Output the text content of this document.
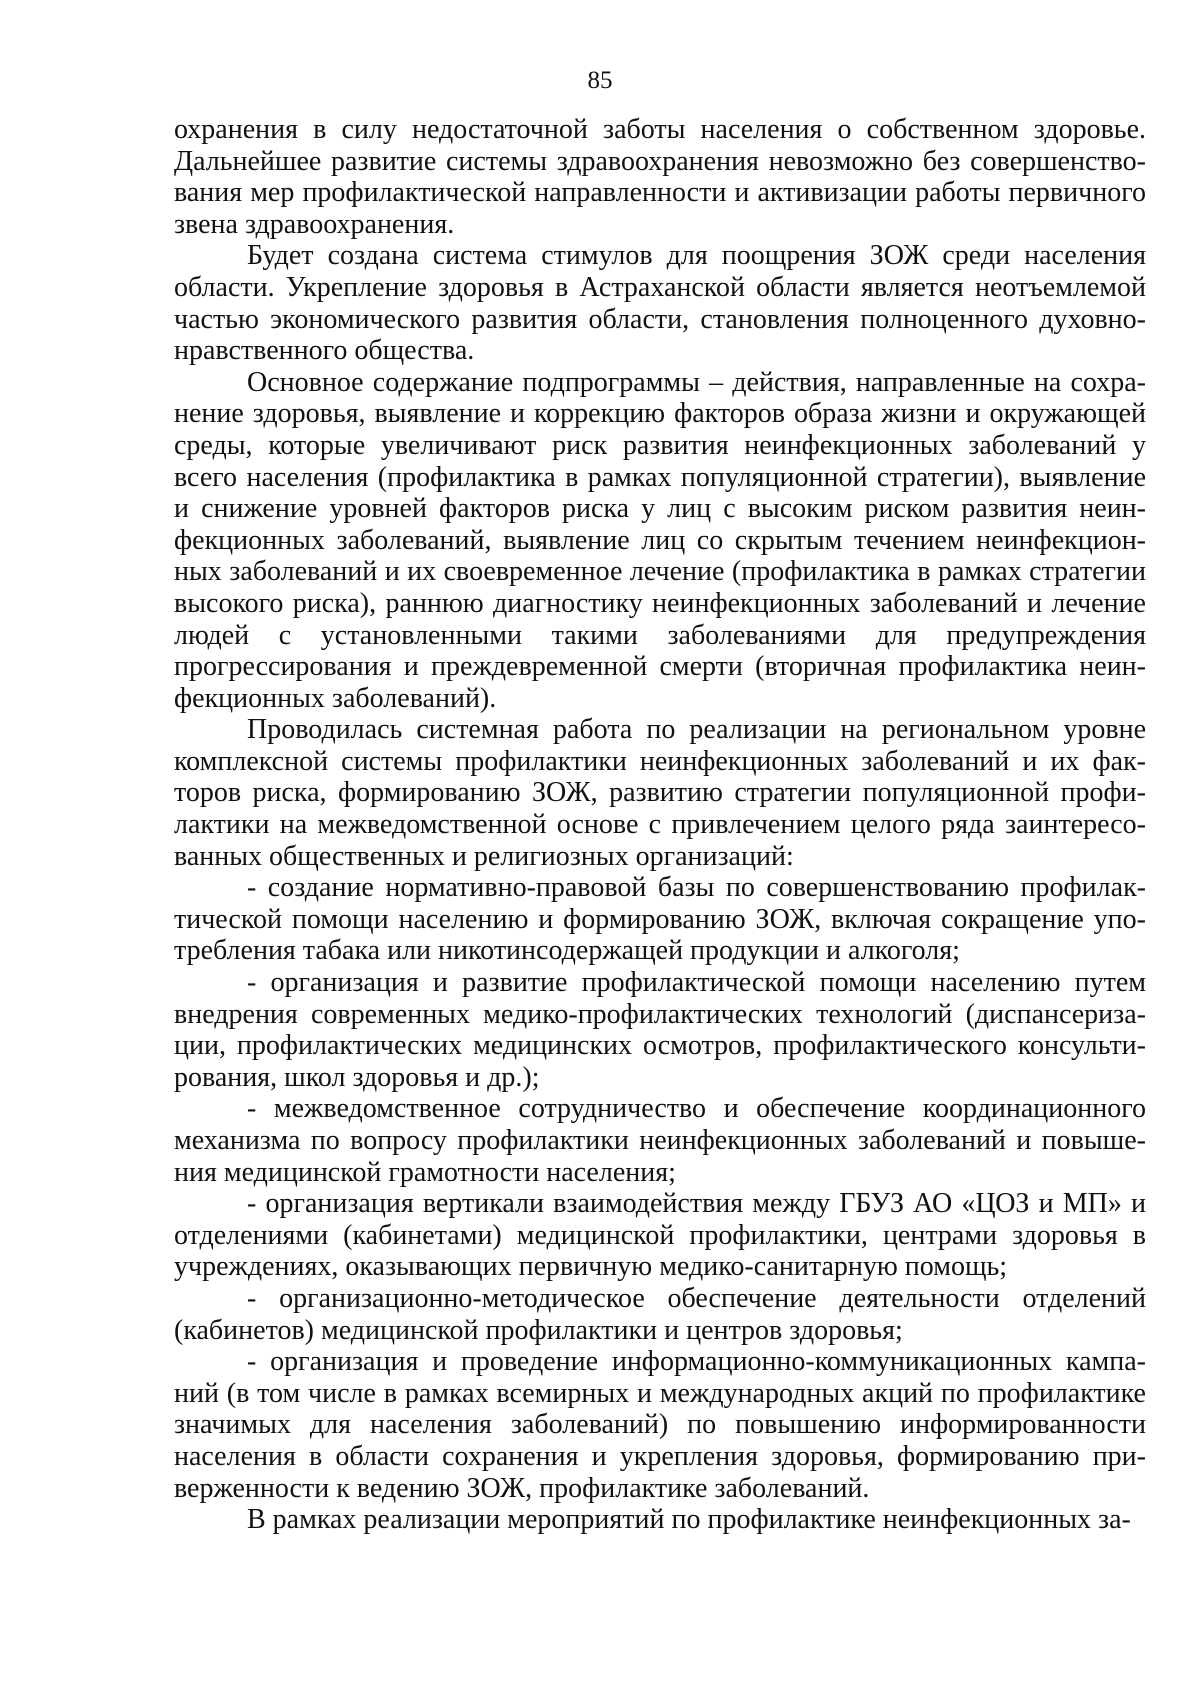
85

охранения в силу недостаточной заботы населения о собственном здоровье. Дальнейшее развитие системы здравоохранения невозможно без совершенствования мер профилактической направленности и активизации работы первичного звена здравоохранения.

Будет создана система стимулов для поощрения ЗОЖ среди населения области. Укрепление здоровья в Астраханской области является неотъемлемой частью экономического развития области, становления полноценного духовно-нравственного общества.

Основное содержание подпрограммы – действия, направленные на сохранение здоровья, выявление и коррекцию факторов образа жизни и окружающей среды, которые увеличивают риск развития неинфекционных заболеваний у всего населения (профилактика в рамках популяционной стратегии), выявление и снижение уровней факторов риска у лиц с высоким риском развития неинфекционных заболеваний, выявление лиц со скрытым течением неинфекционных заболеваний и их своевременное лечение (профилактика в рамках стратегии высокого риска), раннюю диагностику неинфекционных заболеваний и лечение людей с установленными такими заболеваниями для предупреждения прогрессирования и преждевременной смерти (вторичная профилактика неинфекционных заболеваний).

Проводилась системная работа по реализации на региональном уровне комплексной системы профилактики неинфекционных заболеваний и их факторов риска, формированию ЗОЖ, развитию стратегии популяционной профилактики на межведомственной основе с привлечением целого ряда заинтересованных общественных и религиозных организаций:

- создание нормативно-правовой базы по совершенствованию профилактической помощи населению и формированию ЗОЖ, включая сокращение употребления табака или никотинсодержащей продукции и алкоголя;

- организация и развитие профилактической помощи населению путем внедрения современных медико-профилактических технологий (диспансеризации, профилактических медицинских осмотров, профилактического консультирования, школ здоровья и др.);

- межведомственное сотрудничество и обеспечение координационного механизма по вопросу профилактики неинфекционных заболеваний и повышения медицинской грамотности населения;

- организация вертикали взаимодействия между ГБУЗ АО «ЦОЗ и МП» и отделениями (кабинетами) медицинской профилактики, центрами здоровья в учреждениях, оказывающих первичную медико-санитарную помощь;

- организационно-методическое обеспечение деятельности отделений (кабинетов) медицинской профилактики и центров здоровья;

- организация и проведение информационно-коммуникационных кампаний (в том числе в рамках всемирных и международных акций по профилактике значимых для населения заболеваний) по повышению информированности населения в области сохранения и укрепления здоровья, формированию приверженности к ведению ЗОЖ, профилактике заболеваний.

В рамках реализации мероприятий по профилактике неинфекционных за-
